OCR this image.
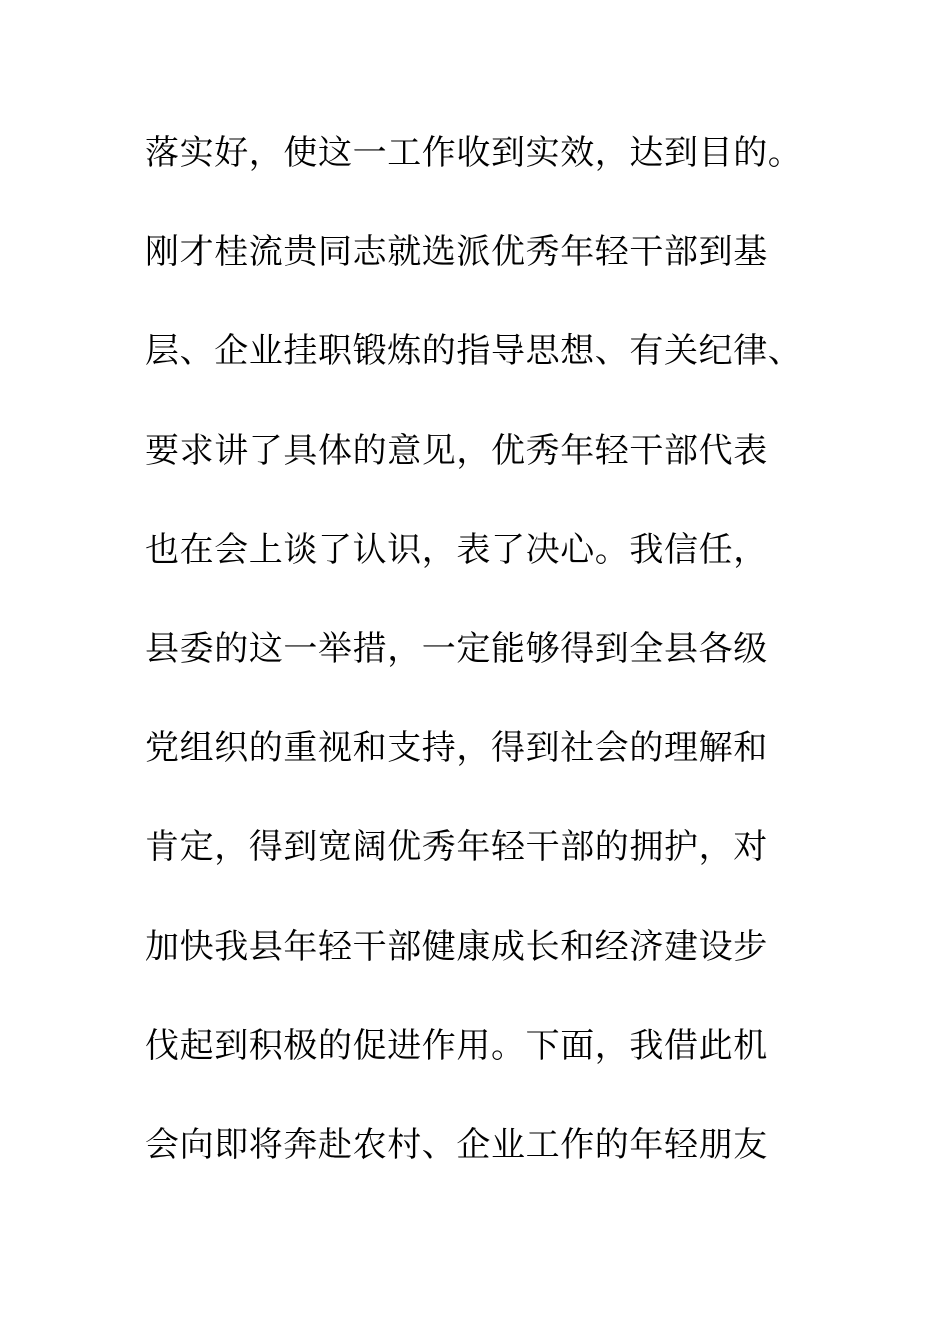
落实好，使这一工作收到实效，达到目的。
刚才桂流贵同志就选派优秀年轻干部到基
层、企业挂职锻炼的指导思想、有关纪律、
要求讲了具体的意见，优秀年轻干部代表
也在会上谈了认识，表了决心。我信任，
县委的这一举措，一定能够得到全县各级
党组织的重视和支持，得到社会的理解和
肯定，得到宽阔优秀年轻干部的拥护，对
加快我县年轻干部健康成长和经济建设步
伐起到积极的促进作用。下面，我借此机
会向即将奔赴农村、企业工作的年轻朋友
